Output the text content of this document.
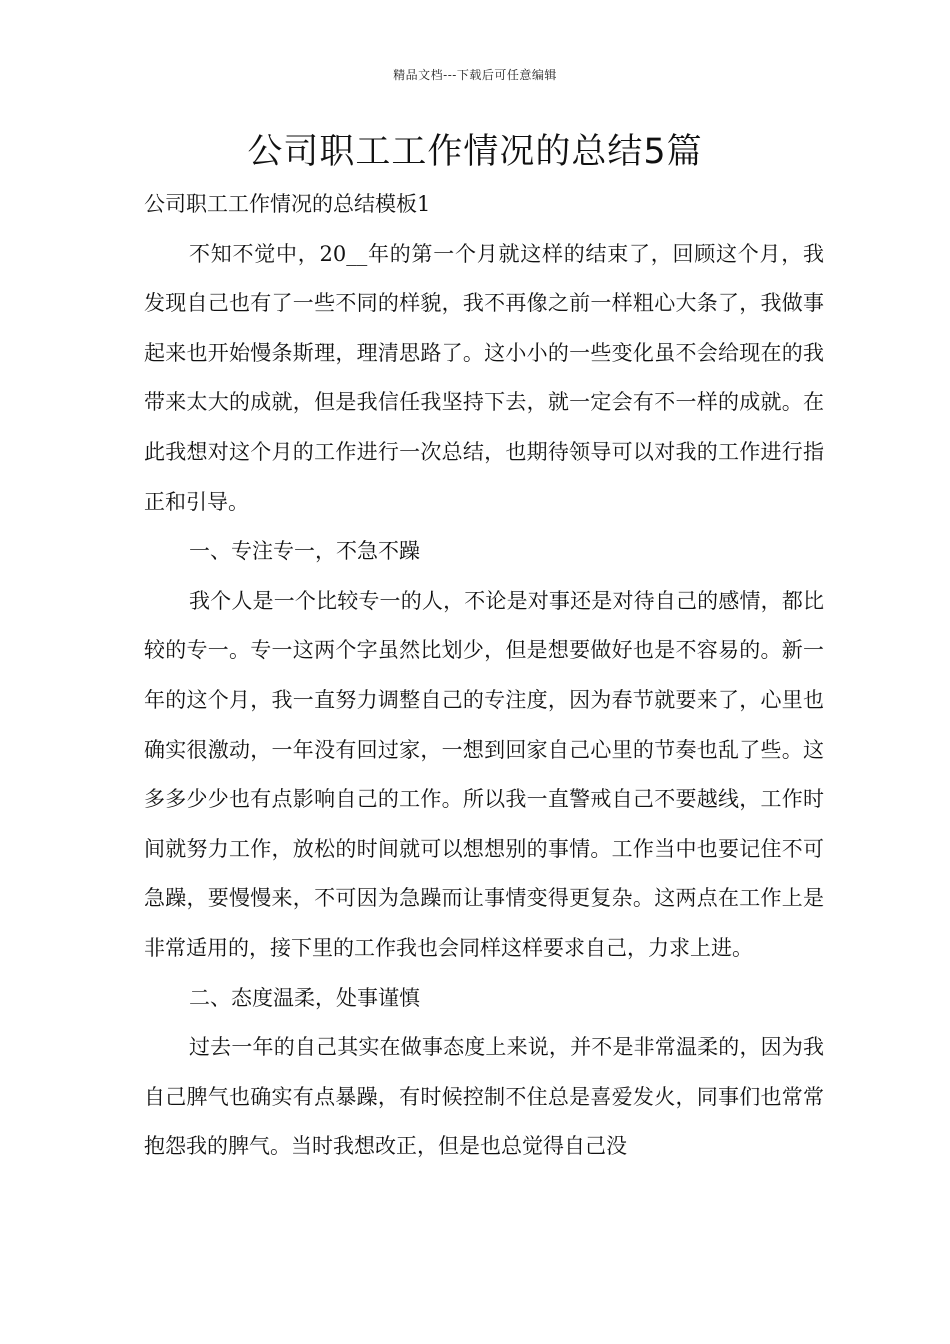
精品文档---下载后可任意编辑
公司职工工作情况的总结5篇

公司职工工作情况的总结模板1

不知不觉中，20__年的第一个月就这样的结束了，回顾这个月，我发现自己也有了一些不同的样貌，我不再像之前一样粗心大条了，我做事起来也开始慢条斯理，理清思路了。这小小的一些变化虽不会给现在的我带来太大的成就，但是我信任我坚持下去，就一定会有不一样的成就。在此我想对这个月的工作进行一次总结，也期待领导可以对我的工作进行指正和引导。

一、专注专一，不急不躁

我个人是一个比较专一的人，不论是对事还是对待自己的感情，都比较的专一。专一这两个字虽然比划少，但是想要做好也是不容易的。新一年的这个月，我一直努力调整自己的专注度，因为春节就要来了，心里也确实很激动，一年没有回过家，一想到回家自己心里的节奏也乱了些。这多多少少也有点影响自己的工作。所以我一直警戒自己不要越线，工作时间就努力工作，放松的时间就可以想想别的事情。工作当中也要记住不可急躁，要慢慢来，不可因为急躁而让事情变得更复杂。这两点在工作上是非常适用的，接下里的工作我也会同样这样要求自己，力求上进。

二、态度温柔，处事谨慎

过去一年的自己其实在做事态度上来说，并不是非常温柔的，因为我自己脾气也确实有点暴躁，有时候控制不住总是喜爱发火，同事们也常常抱怨我的脾气。当时我想改正，但是也总觉得自己没
